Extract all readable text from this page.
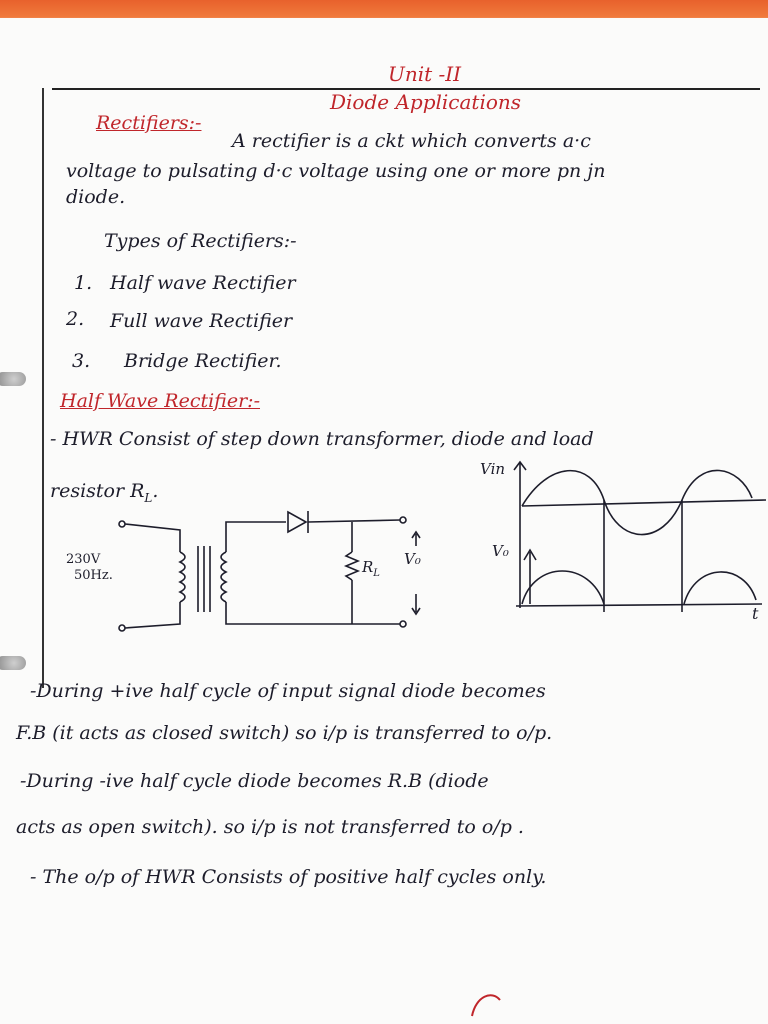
Unit -II
Diode Applications
Rectifiers:-
A rectifier is a ckt which converts a·c
voltage to pulsating d·c voltage using one or more pn jn
diode.
Types of Rectifiers:-
1. Half wave Rectifier
2. Full wave Rectifier
3. Bridge Rectifier.
Half Wave Rectifier:-
- HWR Consist of step down transformer, diode and load
resistor $R_L$.
230V
50Hz.	$R_L$
V₀
Vin
V₀
t
-During +ive half cycle of input signal diode becomes
F.B (it acts as closed switch) so i/p is transferred to o/p.
-During -ive half cycle diode becomes R.B (diode
acts as open switch). so i/p is not transferred to o/p .
- The o/p of HWR Consists of positive half cycles only.
